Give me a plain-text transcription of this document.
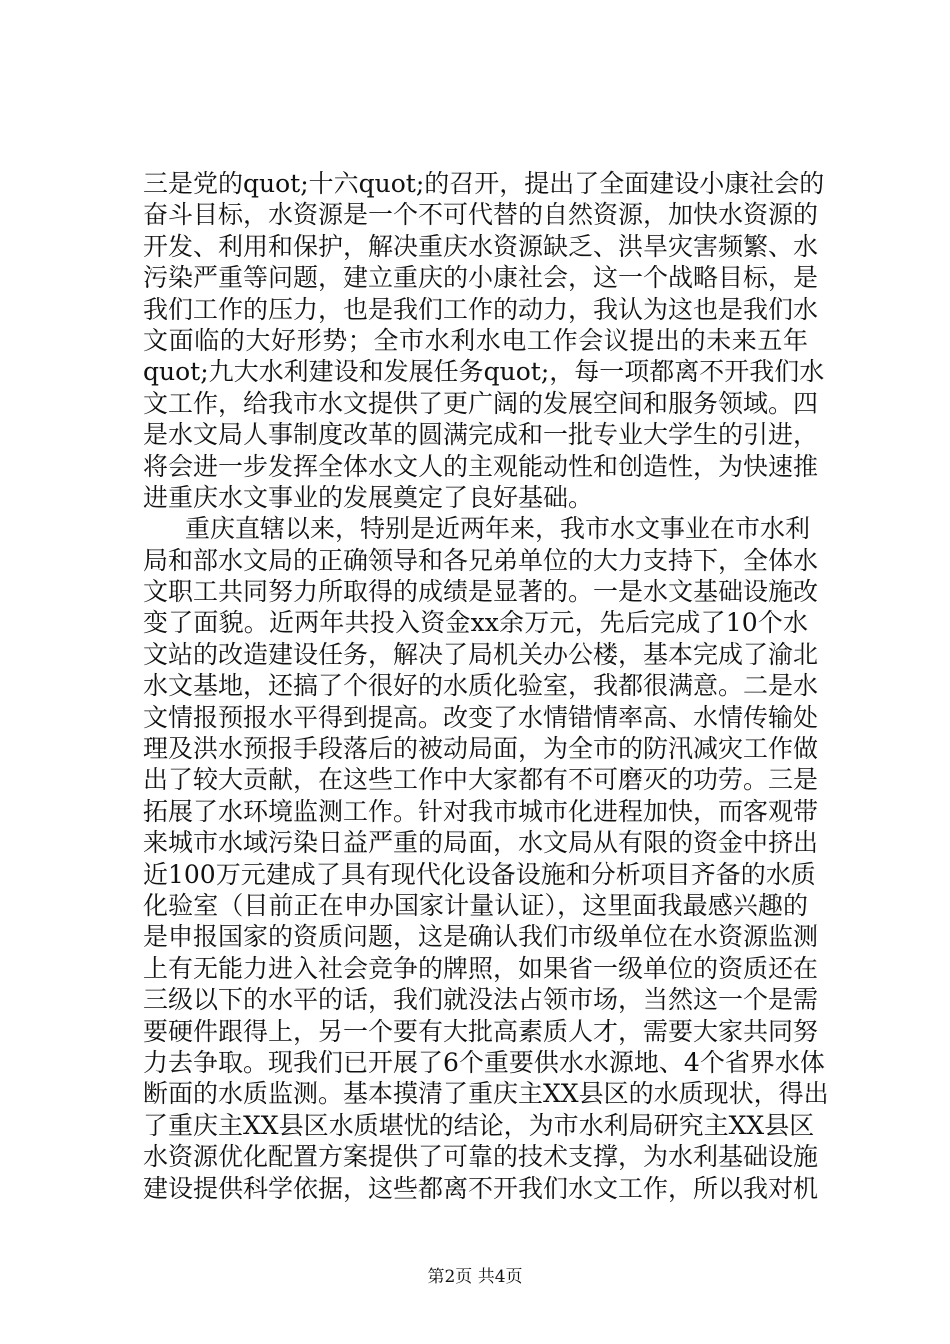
三是党的quot;十六quot;的召开，提出了全面建设小康社会的
奋斗目标，水资源是一个不可代替的自然资源，加快水资源的
开发、利用和保护，解决重庆水资源缺乏、洪旱灾害频繁、水
污染严重等问题，建立重庆的小康社会，这一个战略目标，是
我们工作的压力，也是我们工作的动力，我认为这也是我们水
文面临的大好形势；全市水利水电工作会议提出的未来五年
quot;九大水利建设和发展任务quot;，每一项都离不开我们水
文工作，给我市水文提供了更广阔的发展空间和服务领域。四
是水文局人事制度改革的圆满完成和一批专业大学生的引进，
将会进一步发挥全体水文人的主观能动性和创造性，为快速推
进重庆水文事业的发展奠定了良好基础。
重庆直辖以来，特别是近两年来，我市水文事业在市水利
局和部水文局的正确领导和各兄弟单位的大力支持下，全体水
文职工共同努力所取得的成绩是显著的。一是水文基础设施改
变了面貌。近两年共投入资金xx余万元，先后完成了10个水
文站的改造建设任务，解决了局机关办公楼，基本完成了渝北
水文基地，还搞了个很好的水质化验室，我都很满意。二是水
文情报预报水平得到提高。改变了水情错情率高、水情传输处
理及洪水预报手段落后的被动局面，为全市的防汛减灾工作做
出了较大贡献，在这些工作中大家都有不可磨灭的功劳。三是
拓展了水环境监测工作。针对我市城市化进程加快，而客观带
来城市水域污染日益严重的局面，水文局从有限的资金中挤出
近100万元建成了具有现代化设备设施和分析项目齐备的水质
化验室（目前正在申办国家计量认证），这里面我最感兴趣的
是申报国家的资质问题，这是确认我们市级单位在水资源监测
上有无能力进入社会竞争的牌照，如果省一级单位的资质还在
三级以下的水平的话，我们就没法占领市场，当然这一个是需
要硬件跟得上，另一个要有大批高素质人才，需要大家共同努
力去争取。现我们已开展了6个重要供水水源地、4个省界水体
断面的水质监测。基本摸清了重庆主XX县区的水质现状，得出
了重庆主XX县区水质堪忧的结论，为市水利局研究主XX县区
水资源优化配置方案提供了可靠的技术支撑，为水利基础设施
建设提供科学依据，这些都离不开我们水文工作，所以我对机
第2页 共4页
